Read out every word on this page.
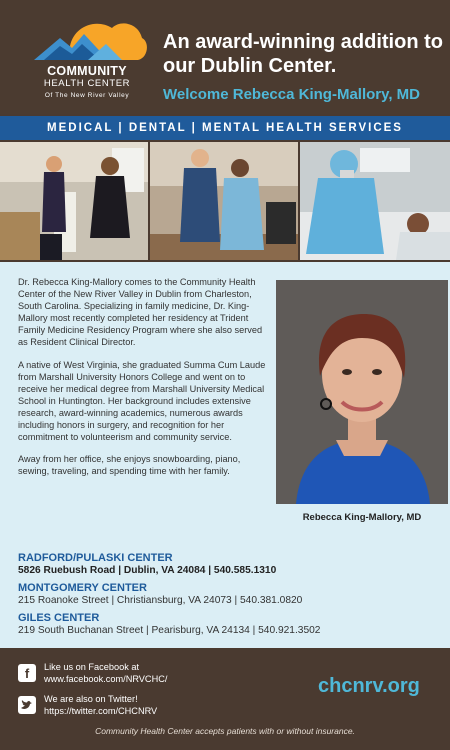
COMMUNITY
HEALTH CENTER
Of The New River Valley
An award-winning addition to our Dublin Center.
Welcome Rebecca King-Mallory, MD
MEDICAL | DENTAL | MENTAL HEALTH SERVICES

Dr. Rebecca King-Mallory comes to the Community Health Center of the New River Valley in Dublin from Charleston, South Carolina. Specializing in family medicine, Dr. King-Mallory most recently completed her residency at Trident Family Medicine Residency Program where she also served as Resident Clinical Director.

A native of West Virginia, she graduated Summa Cum Laude from Marshall University Honors College and went on to receive her medical degree from Marshall University Medical School in Huntington. Her background includes extensive research, award-winning academics, numerous awards including honors in surgery, and recognition for her commitment to volunteerism and community service.

Away from her office, she enjoys snowboarding, piano, sewing, traveling, and spending time with her family.

Rebecca King-Mallory, MD
RADFORD/PULASKI CENTER
5826 Ruebush Road | Dublin, VA 24084 | 540.585.1310
MONTGOMERY CENTER
215 Roanoke Street | Christiansburg, VA 24073 | 540.381.0820
GILES CENTER
219 South Buchanan Street | Pearisburg, VA 24134 | 540.921.3502
f	Like us on Facebook at
www.facebook.com/NRVCHC/
We are also on Twitter!
https://twitter.com/CHCNRV
chcnrv.org
Community Health Center accepts patients with or without insurance.
